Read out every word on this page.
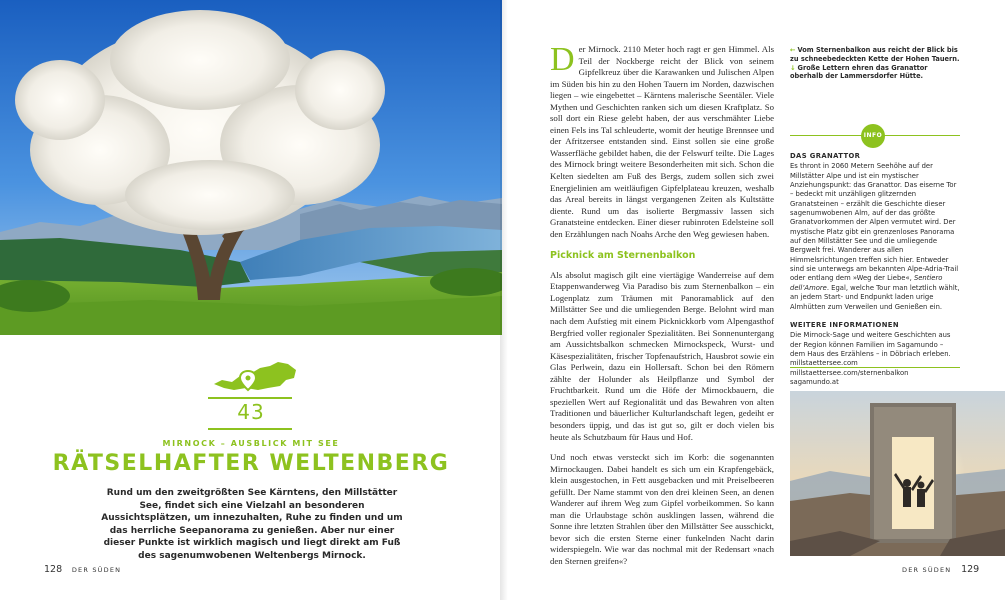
43
MIRNOCK – AUSBLICK MIT SEE
RÄTSELHAFTER WELTENBERG

Rund um den zweitgrößten See Kärntens, den Millstätter See, findet sich eine Vielzahl an besonderen Aussichtsplätzen, um innezuhalten, Ruhe zu finden und um das herrliche Seepanorama zu genießen. Aber nur einer dieser Punkte ist wirklich magisch und liegt direkt am Fuß des sagenumwobenen Weltenbergs Mirnock.

128 DER SÜDEN

Der Mirnock. 2110 Meter hoch ragt er gen Himmel. Als Teil der Nockberge reicht der Blick von seinem Gipfelkreuz über die Karawanken und Julischen Alpen im Süden bis hin zu den Hohen Tauern im Norden, dazwischen liegen – wie eingebettet – Kärntens malerische Seentäler. Viele Mythen und Geschichten ranken sich um diesen Kraftplatz. So soll dort ein Riese gelebt haben, der aus verschmähter Liebe einen Fels ins Tal schleuderte, womit der heutige Brennsee und der Afritzersee entstanden sind. Einst sollen sie eine große Wasserfläche gebildet haben, die der Felswurf teilte. Die Lages des Mirnock bringt weitere Besonderheiten mit sich. Schon die Kelten siedelten am Fuß des Bergs, zudem sollen sich zwei Energielinien am weitläufigen Gipfelplateau kreuzen, weshalb das Areal bereits in längst vergangenen Zeiten als Kultstätte diente. Rund um das isolierte Bergmassiv lassen sich Granatsteine entdecken. Einer dieser rubinroten Edelsteine soll den Erzählungen nach Noahs Arche den Weg gewiesen haben.

Picknick am Sternenbalkon

Als absolut magisch gilt eine viertägige Wanderreise auf dem Etappenwanderweg Via Paradiso bis zum Sternenbalkon – ein Logenplatz zum Träumen mit Panoramablick auf den Millstätter See und die umliegenden Berge. Belohnt wird man nach dem Aufstieg mit einem Picknickkorb vom Alpengasthof Bergfried voller regionaler Spezialitäten. Bei Sonnenuntergang am Aussichtsbalkon schmecken Mirnockspeck, Wurst- und Käsespezialitäten, frischer Topfenaufstrich, Hausbrot sowie ein Glas Perlwein, dazu ein Hollersaft. Schon bei den Römern zählte der Holunder als Heilpflanze und Symbol der Fruchtbarkeit. Rund um die Höfe der Mirnockbauern, die speziellen Wert auf Regionalität und das Bewahren von alten Traditionen und bäuerlicher Kulturlandschaft legen, gedeiht er besonders üppig, und das ist gut so, gilt er doch vielen bis heute als Schutzbaum für Haus und Hof.

Und noch etwas versteckt sich im Korb: die sogenannten Mirnockaugen. Dabei handelt es sich um ein Krapfengebäck, klein ausgestochen, in Fett ausgebacken und mit Preiselbeeren gefüllt. Der Name stammt von den drei kleinen Seen, an denen Wanderer auf ihrem Weg zum Gipfel vorbeikommen. So kann man die Urlaubstage schön ausklingen lassen, während die Sonne ihre letzten Strahlen über den Millstätter See ausschickt, bevor sich die ersten Sterne einer funkelnden Nacht darin widerspiegeln. Wie war das nochmal mit der Redensart »nach den Sternen greifen«?

← Vom Sternenbalkon aus reicht der Blick bis zu schneebedeckten Kette der Hohen Tauern.
↓ Große Lettern ehren das Granattor oberhalb der Lammersdorfer Hütte.
INFO
DAS GRANATTOR

Es thront in 2060 Metern Seehöhe auf der Millstätter Alpe und ist ein mystischer Anziehungspunkt: das Granattor. Das eiserne Tor – bedeckt mit unzähligen glitzernden Granatsteinen – erzählt die Geschichte dieser sagenumwobenen Alm, auf der das größte Granatvorkommen der Alpen vermutet wird. Der mystische Platz gibt ein grenzenloses Panorama auf den Millstätter See und die umliegende Bergwelt frei. Wanderer aus allen Himmelsrichtungen treffen sich hier. Entweder sind sie unterwegs am bekannten Alpe-Adria-Trail oder entlang dem »Weg der Liebe«, Sentiero dell’Amore. Egal, welche Tour man letztlich wählt, an jedem Start- und Endpunkt laden urige Almhütten zum Verweilen und Genießen ein.

WEITERE INFORMATIONEN

Die Mirnock-Sage und weitere Geschichten aus der Region können Familien im Sagamundo – dem Haus des Erzählens – in Döbriach erleben.

millstaettersee.com
millstaettersee.com/sternenbalkon
sagamundo.at
DER SÜDEN 129
